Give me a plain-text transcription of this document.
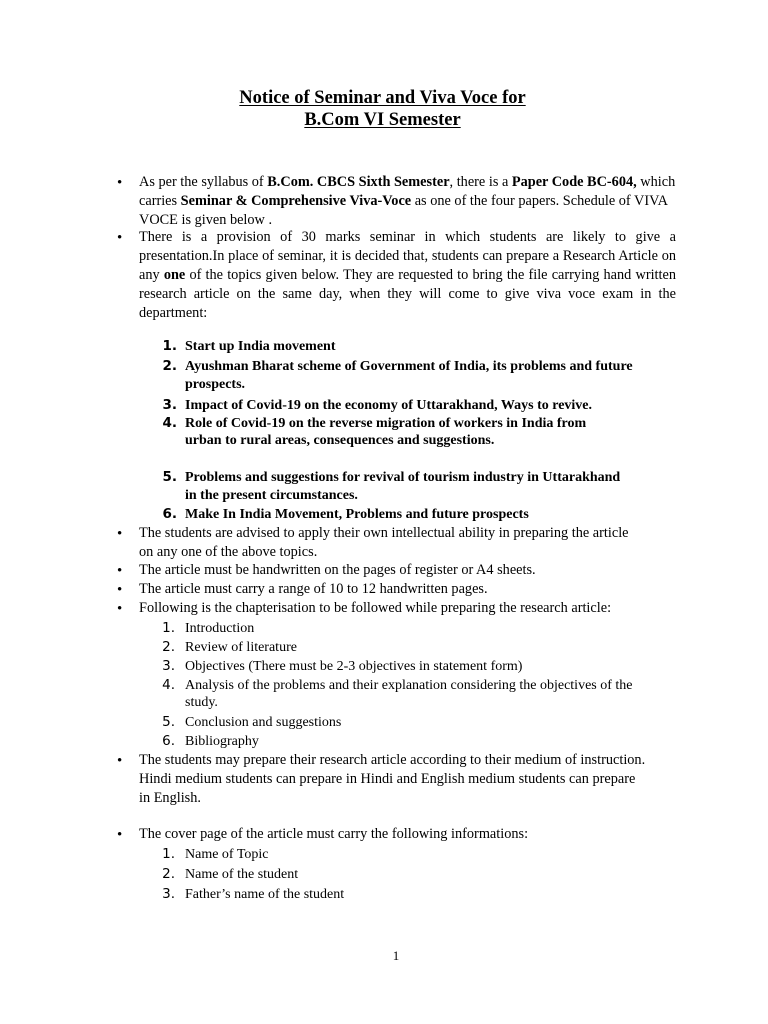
Notice of Seminar and Viva Voce for
B.Com VI Semester
• As per the syllabus of B.Com. CBCS Sixth Semester, there is a Paper Code BC-604, which carries Seminar & Comprehensive Viva-Voce as one of the four papers. Schedule of VIVA VOCE is given below .
• There is a provision of 30 marks seminar in which students are likely to give a presentation.In place of seminar, it is decided that, students can prepare a Research Article on any one of the topics given below. They are requested to bring the file carrying hand written research article on the same day, when they will come to give viva voce exam in the department:
1. Start up India movement
2. Ayushman Bharat scheme of Government of India, its problems and future
prospects.
3. Impact of Covid-19 on the economy of Uttarakhand, Ways to revive.
4. Role of Covid-19 on the reverse migration of workers in India from
urban to rural areas, consequences and suggestions.
5. Problems and suggestions for revival of tourism industry in Uttarakhand
in the present circumstances.
6. Make In India Movement, Problems and future prospects
• The students are advised to apply their own intellectual ability in preparing the article
on any one of the above topics.
• The article must be handwritten on the pages of register or A4 sheets.
• The article must carry a range of 10 to 12 handwritten pages.
• Following is the chapterisation to be followed while preparing the research article:
1. Introduction
2. Review of literature
3. Objectives (There must be 2-3 objectives in statement form)
4. Analysis of the problems and their explanation considering the objectives of the
study.
5. Conclusion and suggestions
6. Bibliography
• The students may prepare their research article according to their medium of instruction.
Hindi medium students can prepare in Hindi and English medium students can prepare
in English.
• The cover page of the article must carry the following informations:
1. Name of Topic
2. Name of the student
3. Father’s name of the student
1
